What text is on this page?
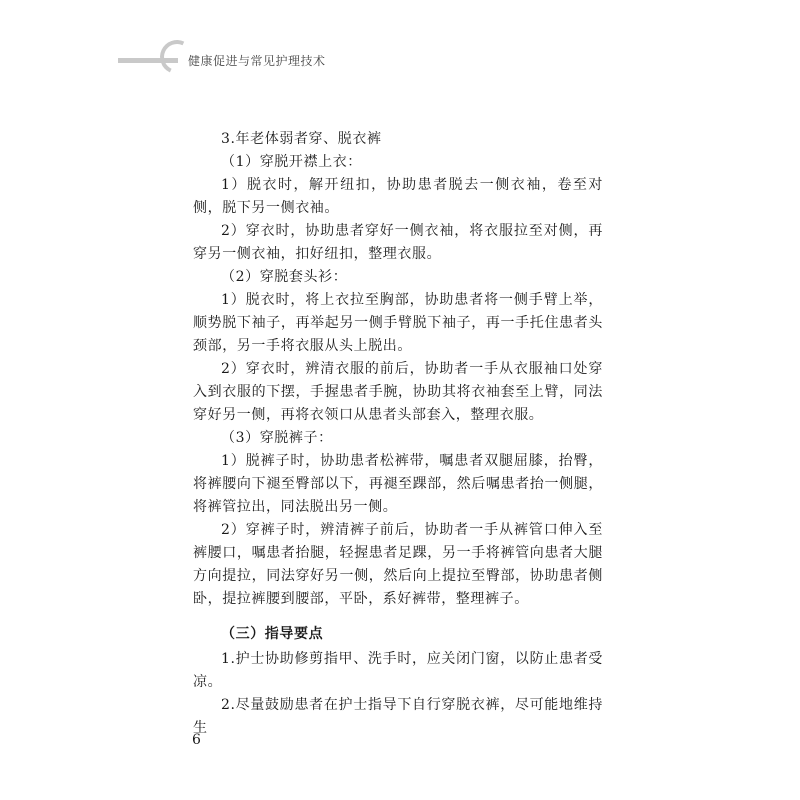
健康促进与常见护理技术

3.年老体弱者穿、脱衣裤

（1）穿脱开襟上衣：

1）脱衣时，解开纽扣，协助患者脱去一侧衣袖，卷至对侧，脱下另一侧衣袖。

2）穿衣时，协助患者穿好一侧衣袖，将衣服拉至对侧，再穿另一侧衣袖，扣好纽扣，整理衣服。

（2）穿脱套头衫：

1）脱衣时，将上衣拉至胸部，协助患者将一侧手臂上举，顺势脱下袖子，再举起另一侧手臂脱下袖子，再一手托住患者头颈部，另一手将衣服从头上脱出。

2）穿衣时，辨清衣服的前后，协助者一手从衣服袖口处穿入到衣服的下摆，手握患者手腕，协助其将衣袖套至上臂，同法穿好另一侧，再将衣领口从患者头部套入，整理衣服。

（3）穿脱裤子：

1）脱裤子时，协助患者松裤带，嘱患者双腿屈膝，抬臀，将裤腰向下褪至臀部以下，再褪至踝部，然后嘱患者抬一侧腿，将裤管拉出，同法脱出另一侧。

2）穿裤子时，辨清裤子前后，协助者一手从裤管口伸入至裤腰口，嘱患者抬腿，轻握患者足踝，另一手将裤管向患者大腿方向提拉，同法穿好另一侧，然后向上提拉至臀部，协助患者侧卧，提拉裤腰到腰部，平卧，系好裤带，整理裤子。

（三）指导要点

1.护士协助修剪指甲、洗手时，应关闭门窗，以防止患者受凉。

2.尽量鼓励患者在护士指导下自行穿脱衣裤，尽可能地维持生

6
